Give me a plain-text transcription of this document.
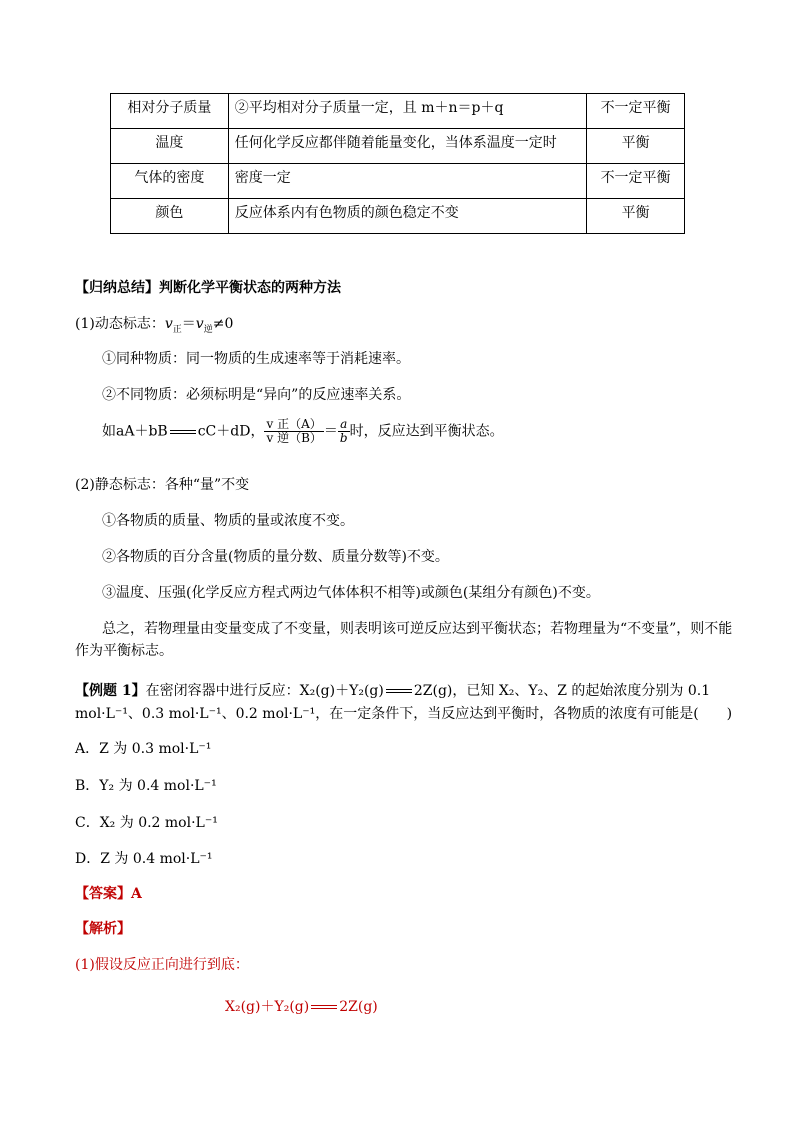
相对分子质量	②平均相对分子质量一定，且 m＋n＝p＋q	不一定平衡
温度	任何化学反应都伴随着能量变化，当体系温度一定时	平衡
气体的密度	密度一定	不一定平衡
颜色	反应体系内有色物质的颜色稳定不变	平衡
【归纳总结】判断化学平衡状态的两种方法
(1)动态标志：$v_正=v_逆\ne 0$
①同种物质：同一物质的生成速率等于消耗速率。
②不同物质：必须标明是“异向”的反应速率关系。
如aA＋bB cC＋dD， $\frac{\text{v 正（A）}}{\text{v 逆（B）}} = \frac{a}{b}$ 时，反应达到平衡状态。
(2)静态标志：各种“量”不变
①各物质的质量、物质的量或浓度不变。
②各物质的百分含量(物质的量分数、质量分数等)不变。
③温度、压强(化学反应方程式两边气体体积不相等)或颜色(某组分有颜色)不变。
总之，若物理量由变量变成了不变量，则表明该可逆反应达到平衡状态；若物理量为“不变量”，则不能
作为平衡标志。
【例题 1】在密闭容器中进行反应：X₂(g)＋Y₂(g) 2Z(g)，已知 X₂、Y₂、Z 的起始浓度分别为 0.1
mol·L⁻¹、0.3 mol·L⁻¹、0.2 mol·L⁻¹，在一定条件下，当反应达到平衡时，各物质的浓度有可能是(　　)
A．Z 为 0.3 mol·L⁻¹
B．Y₂ 为 0.4 mol·L⁻¹
C．X₂ 为 0.2 mol·L⁻¹
D．Z 为 0.4 mol·L⁻¹
【答案】A
【解析】
(1)假设反应正向进行到底：
X₂(g)＋Y₂(g) 2Z(g)
